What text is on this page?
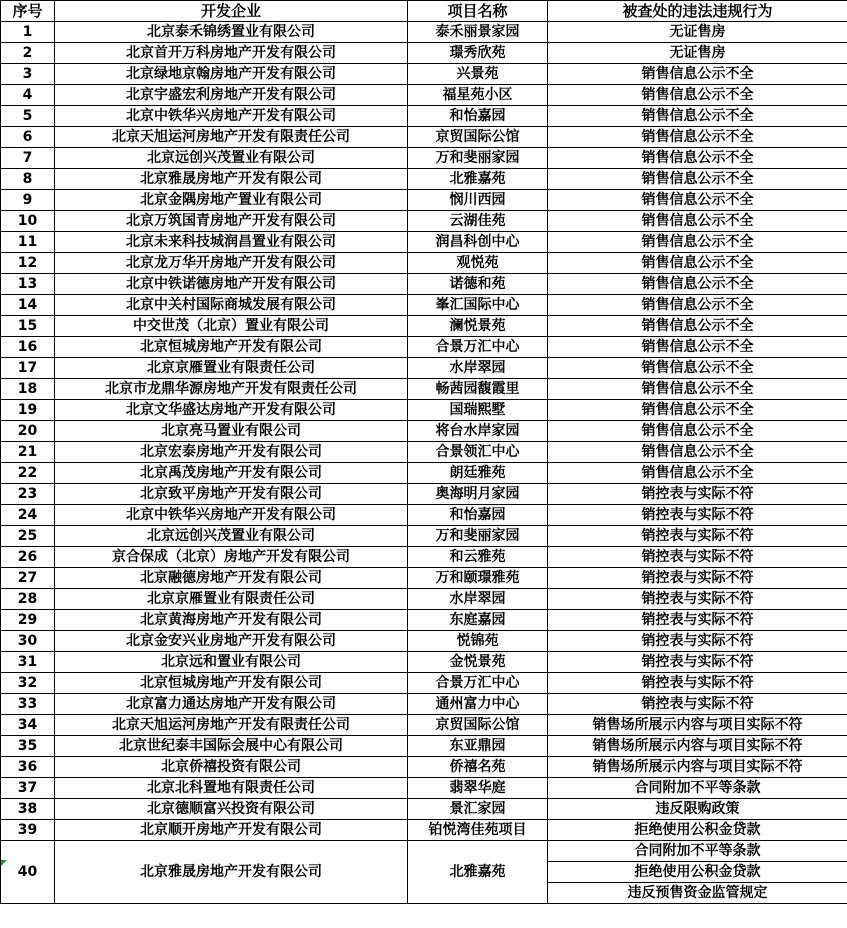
序号	开发企业	项目名称	被查处的违法违规行为
1	北京泰禾锦绣置业有限公司	泰禾丽景家园	无证售房
2	北京首开万科房地产开发有限公司	璟秀欣苑	无证售房
3	北京绿地京翰房地产开发有限公司	兴景苑	销售信息公示不全
4	北京宇盛宏利房地产开发有限公司	福星苑小区	销售信息公示不全
5	北京中铁华兴房地产开发有限公司	和怡嘉园	销售信息公示不全
6	北京天旭运河房地产开发有限责任公司	京贸国际公馆	销售信息公示不全
7	北京远创兴茂置业有限公司	万和斐丽家园	销售信息公示不全
8	北京雅晟房地产开发有限公司	北雅嘉苑	销售信息公示不全
9	北京金隅房地产置业有限公司	悯川西园	销售信息公示不全
10	北京万筑国青房地产开发有限公司	云湖佳苑	销售信息公示不全
11	北京未来科技城润昌置业有限公司	润昌科创中心	销售信息公示不全
12	北京龙万华开房地产开发有限公司	观悦苑	销售信息公示不全
13	北京中铁诺德房地产开发有限公司	诺德和苑	销售信息公示不全
14	北京中关村国际商城发展有限公司	峯汇国际中心	销售信息公示不全
15	中交世茂（北京）置业有限公司	澜悦景苑	销售信息公示不全
16	北京恒城房地产开发有限公司	合景万汇中心	销售信息公示不全
17	北京京雁置业有限责任公司	水岸翠园	销售信息公示不全
18	北京市龙鼎华源房地产开发有限责任公司	畅茜园馥霞里	销售信息公示不全
19	北京文华盛达房地产开发有限公司	国瑞熙墅	销售信息公示不全
20	北京亮马置业有限公司	将台水岸家园	销售信息公示不全
21	北京宏泰房地产开发有限公司	合景领汇中心	销售信息公示不全
22	北京禹茂房地产开发有限公司	朗廷雅苑	销售信息公示不全
23	北京致平房地产开发有限公司	奥海明月家园	销控表与实际不符
24	北京中铁华兴房地产开发有限公司	和怡嘉园	销控表与实际不符
25	北京远创兴茂置业有限公司	万和斐丽家园	销控表与实际不符
26	京合保成（北京）房地产开发有限公司	和云雅苑	销控表与实际不符
27	北京融德房地产开发有限公司	万和颐璟雅苑	销控表与实际不符
28	北京京雁置业有限责任公司	水岸翠园	销控表与实际不符
29	北京黄海房地产开发有限公司	东庭嘉园	销控表与实际不符
30	北京金安兴业房地产开发有限公司	悦锦苑	销控表与实际不符
31	北京远和置业有限公司	金悦景苑	销控表与实际不符
32	北京恒城房地产开发有限公司	合景万汇中心	销控表与实际不符
33	北京富力通达房地产开发有限公司	通州富力中心	销控表与实际不符
34	北京天旭运河房地产开发有限责任公司	京贸国际公馆	销售场所展示内容与项目实际不符
35	北京世纪泰丰国际会展中心有限公司	东亚鼎园	销售场所展示内容与项目实际不符
36	北京侨禧投资有限公司	侨禧名苑	销售场所展示内容与项目实际不符
37	北京北科置地有限责任公司	翡翠华庭	合同附加不平等条款
38	北京德顺富兴投资有限公司	景汇家园	违反限购政策
39	北京顺开房地产开发有限公司	铂悦湾佳苑项目	拒绝使用公积金贷款
40	北京雅晟房地产开发有限公司	北雅嘉苑	合同附加不平等条款
			拒绝使用公积金贷款
			违反预售资金监管规定
